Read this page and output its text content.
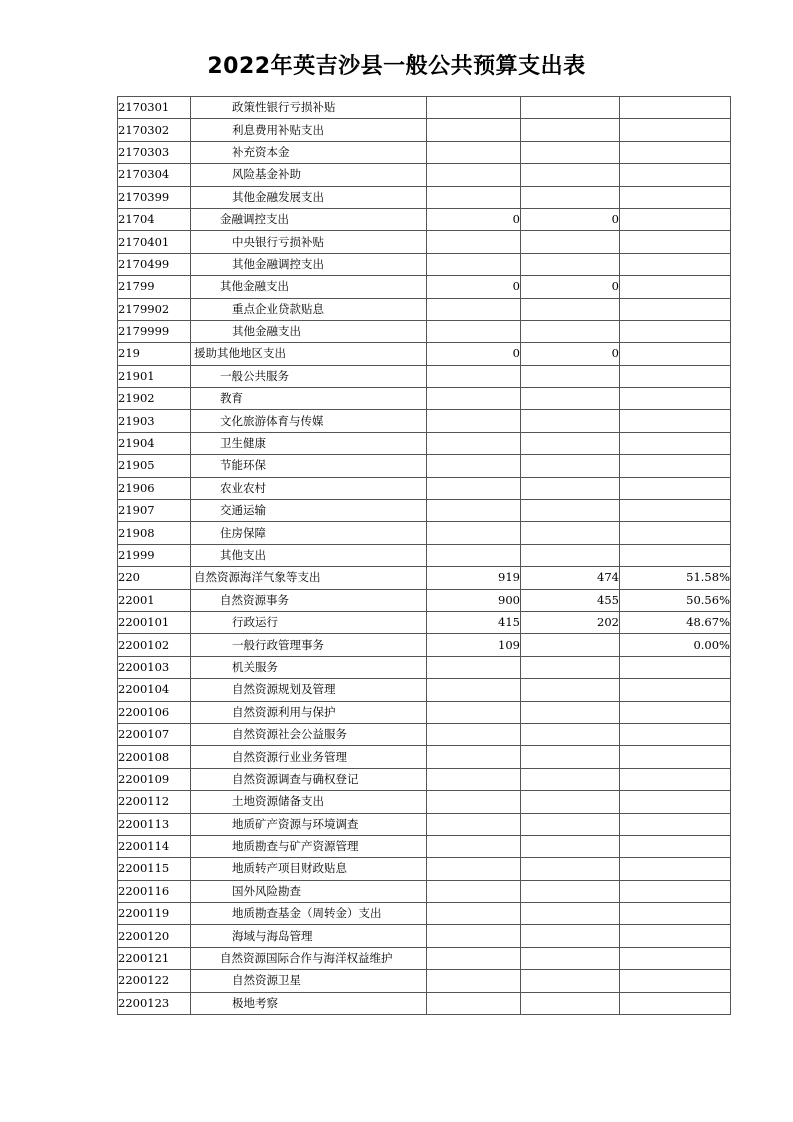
2022年英吉沙县一般公共预算支出表
2170301	政策性银行亏损补贴			
2170302	利息费用补贴支出			
2170303	补充资本金			
2170304	风险基金补助			
2170399	其他金融发展支出			
21704	金融调控支出	0	0	
2170401	中央银行亏损补贴			
2170499	其他金融调控支出			
21799	其他金融支出	0	0	
2179902	重点企业贷款贴息			
2179999	其他金融支出			
219	援助其他地区支出	0	0	
21901	一般公共服务			
21902	教育			
21903	文化旅游体育与传媒			
21904	卫生健康			
21905	节能环保			
21906	农业农村			
21907	交通运输			
21908	住房保障			
21999	其他支出			
220	自然资源海洋气象等支出	919	474	51.58%
22001	自然资源事务	900	455	50.56%
2200101	行政运行	415	202	48.67%
2200102	一般行政管理事务	109		0.00%
2200103	机关服务			
2200104	自然资源规划及管理			
2200106	自然资源利用与保护			
2200107	自然资源社会公益服务			
2200108	自然资源行业业务管理			
2200109	自然资源调查与确权登记			
2200112	土地资源储备支出			
2200113	地质矿产资源与环境调查			
2200114	地质勘查与矿产资源管理			
2200115	地质转产项目财政贴息			
2200116	国外风险勘查			
2200119	地质勘查基金（周转金）支出			
2200120	海域与海岛管理			
2200121	自然资源国际合作与海洋权益维护			
2200122	自然资源卫星			
2200123	极地考察			
